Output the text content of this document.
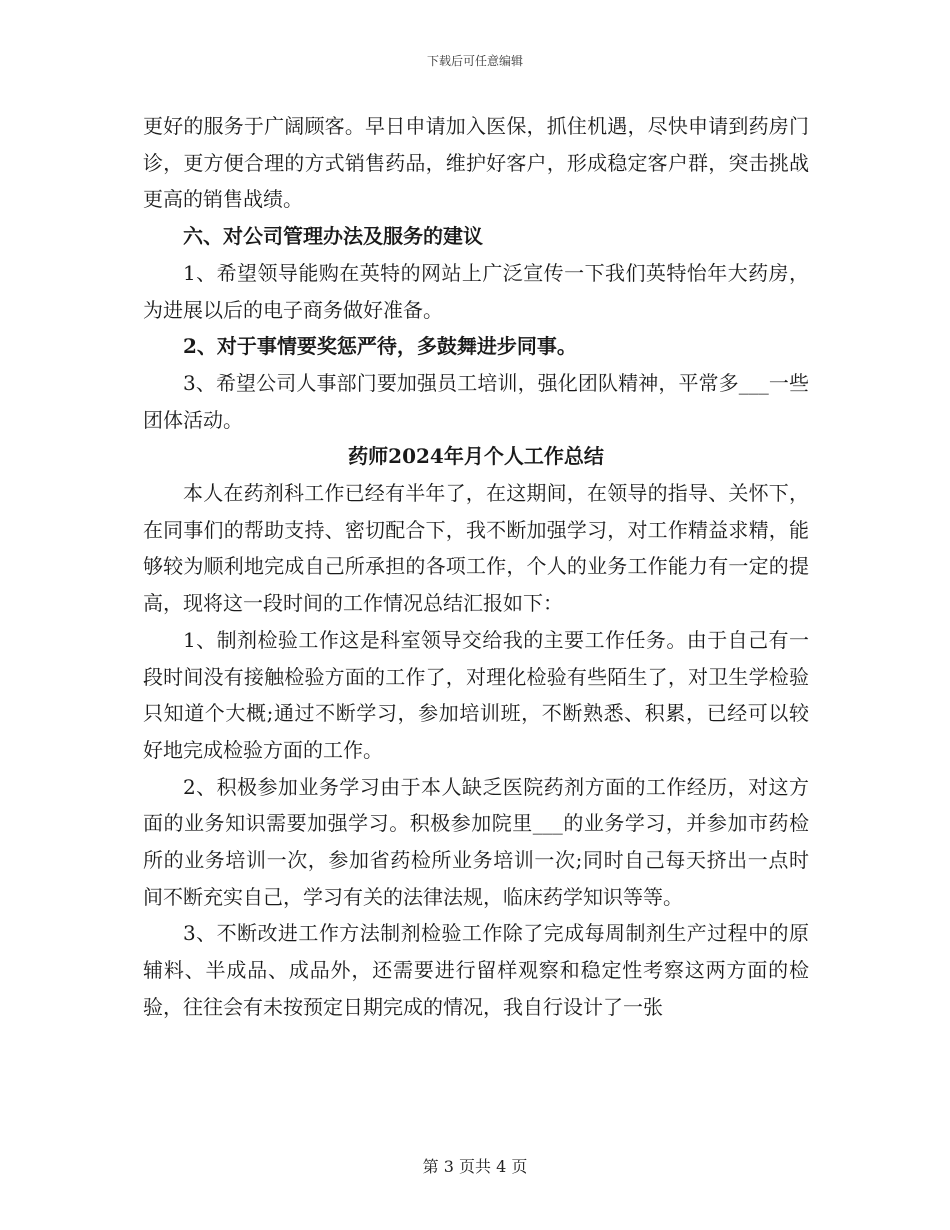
下载后可任意编辑

更好的服务于广阔顾客。早日申请加入医保，抓住机遇，尽快申请到药房门诊，更方便合理的方式销售药品，维护好客户，形成稳定客户群，突击挑战更高的销售战绩。

六、对公司管理办法及服务的建议

1、希望领导能购在英特的网站上广泛宣传一下我们英特怡年大药房，为进展以后的电子商务做好准备。

2、对于事情要奖惩严待，多鼓舞进步同事。

3、希望公司人事部门要加强员工培训，强化团队精神，平常多___一些团体活动。

药师2024年月个人工作总结

本人在药剂科工作已经有半年了，在这期间，在领导的指导、关怀下，在同事们的帮助支持、密切配合下，我不断加强学习，对工作精益求精，能够较为顺利地完成自己所承担的各项工作，个人的业务工作能力有一定的提高，现将这一段时间的工作情况总结汇报如下：

1、制剂检验工作这是科室领导交给我的主要工作任务。由于自己有一段时间没有接触检验方面的工作了，对理化检验有些陌生了，对卫生学检验只知道个大概;通过不断学习，参加培训班，不断熟悉、积累，已经可以较好地完成检验方面的工作。

2、积极参加业务学习由于本人缺乏医院药剂方面的工作经历，对这方面的业务知识需要加强学习。积极参加院里___的业务学习，并参加市药检所的业务培训一次，参加省药检所业务培训一次;同时自己每天挤出一点时间不断充实自己，学习有关的法律法规，临床药学知识等等。

3、不断改进工作方法制剂检验工作除了完成每周制剂生产过程中的原辅料、半成品、成品外，还需要进行留样观察和稳定性考察这两方面的检验，往往会有未按预定日期完成的情况，我自行设计了一张

第 3 页共 4 页
